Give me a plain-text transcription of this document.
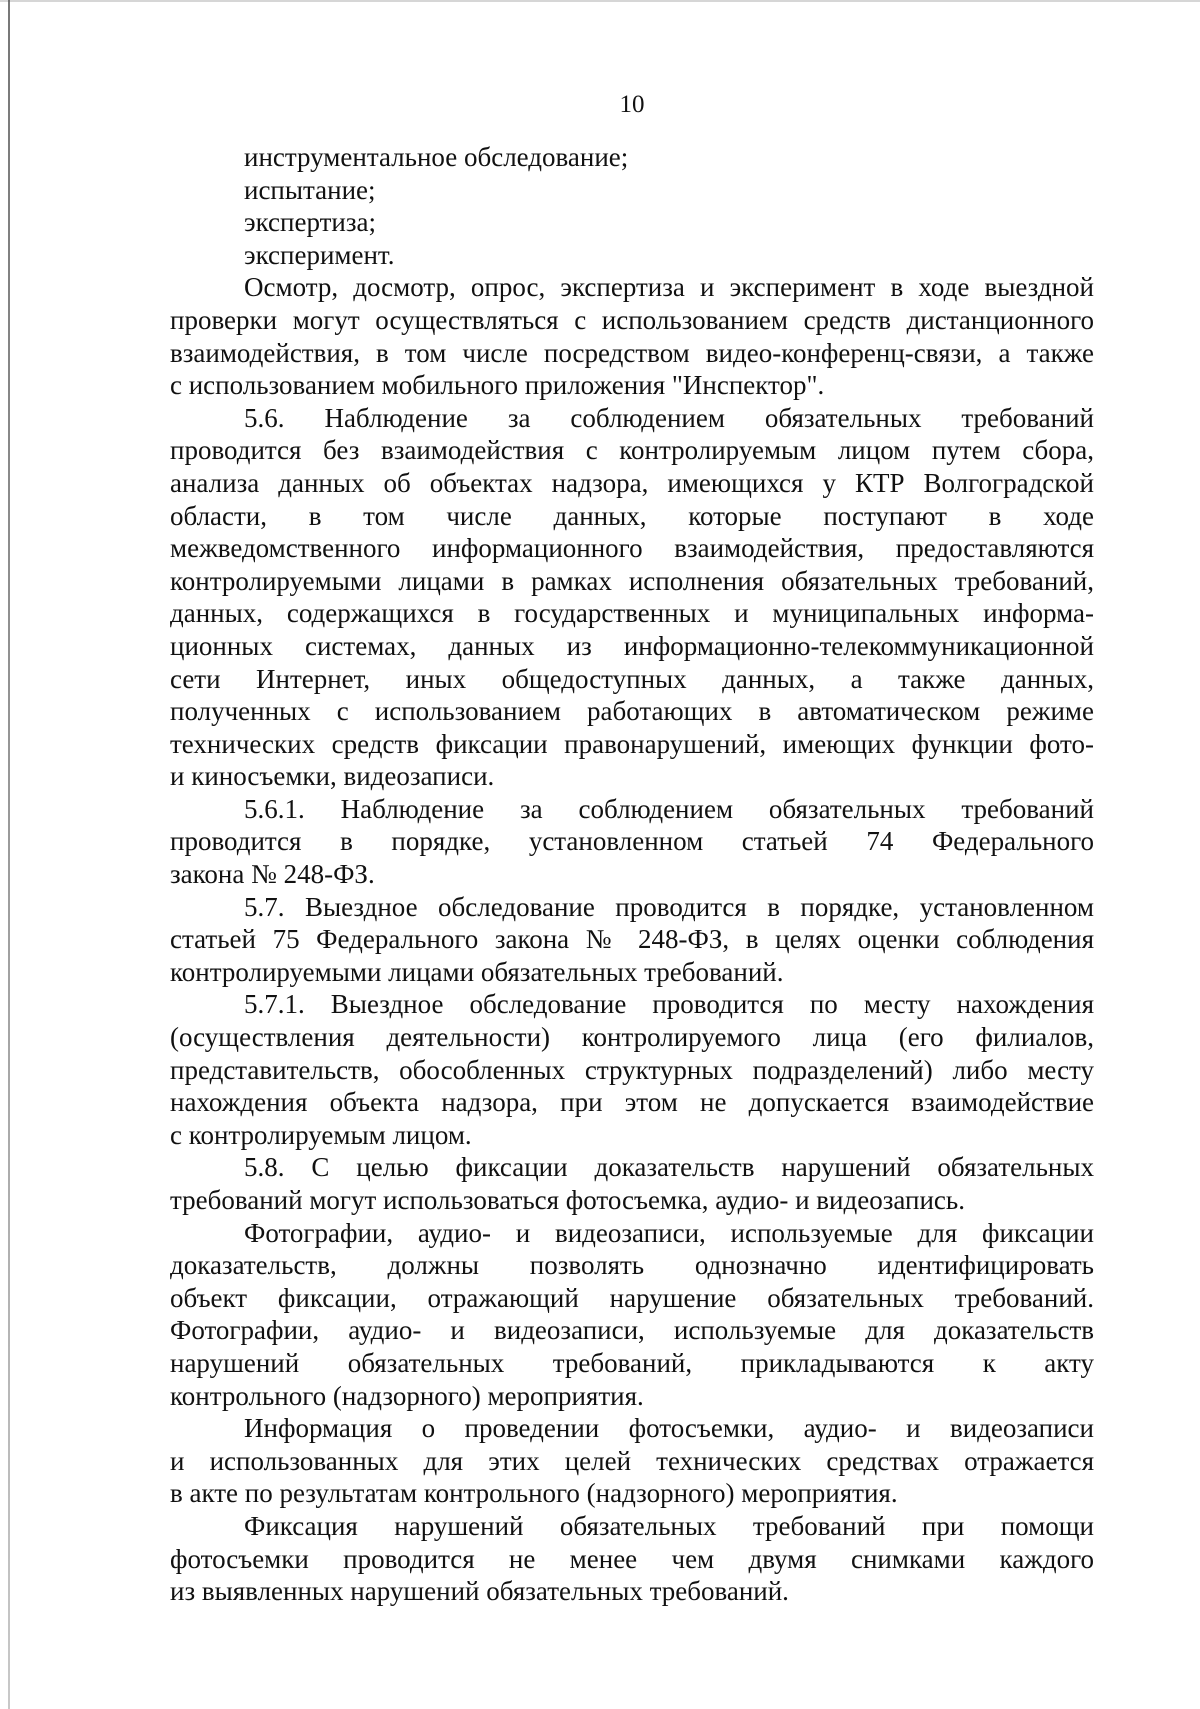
10
инструментальное обследование;
испытание;
экспертиза;
эксперимент.
Осмотр, досмотр, опрос, экспертиза и эксперимент в ходе выездной
проверки могут осуществляться с использованием средств дистанционного
взаимодействия, в том числе посредством видео-конференц-связи, а также
с использованием мобильного приложения "Инспектор".
5.6. Наблюдение за соблюдением обязательных требований
проводится без взаимодействия с контролируемым лицом путем сбора,
анализа данных об объектах надзора, имеющихся у КТР Волгоградской
области, в том числе данных, которые поступают в ходе
межведомственного информационного взаимодействия, предоставляются
контролируемыми лицами в рамках исполнения обязательных требований,
данных, содержащихся в государственных и муниципальных информа-
ционных системах, данных из информационно-телекоммуникационной
сети Интернет, иных общедоступных данных, а также данных,
полученных с использованием работающих в автоматическом режиме
технических средств фиксации правонарушений, имеющих функции фото-
и киносъемки, видеозаписи.
5.6.1. Наблюдение за соблюдением обязательных требований
проводится в порядке, установленном статьей 74 Федерального
закона № 248-ФЗ.
5.7. Выездное обследование проводится в порядке, установленном
статьей 75 Федерального закона № 248-ФЗ, в целях оценки соблюдения
контролируемыми лицами обязательных требований.
5.7.1. Выездное обследование проводится по месту нахождения
(осуществления деятельности) контролируемого лица (его филиалов,
представительств, обособленных структурных подразделений) либо месту
нахождения объекта надзора, при этом не допускается взаимодействие
с контролируемым лицом.
5.8. С целью фиксации доказательств нарушений обязательных
требований могут использоваться фотосъемка, аудио- и видеозапись.
Фотографии, аудио- и видеозаписи, используемые для фиксации
доказательств, должны позволять однозначно идентифицировать
объект фиксации, отражающий нарушение обязательных требований.
Фотографии, аудио- и видеозаписи, используемые для доказательств
нарушений обязательных требований, прикладываются к акту
контрольного (надзорного) мероприятия.
Информация о проведении фотосъемки, аудио- и видеозаписи
и использованных для этих целей технических средствах отражается
в акте по результатам контрольного (надзорного) мероприятия.
Фиксация нарушений обязательных требований при помощи
фотосъемки проводится не менее чем двумя снимками каждого
из выявленных нарушений обязательных требований.
